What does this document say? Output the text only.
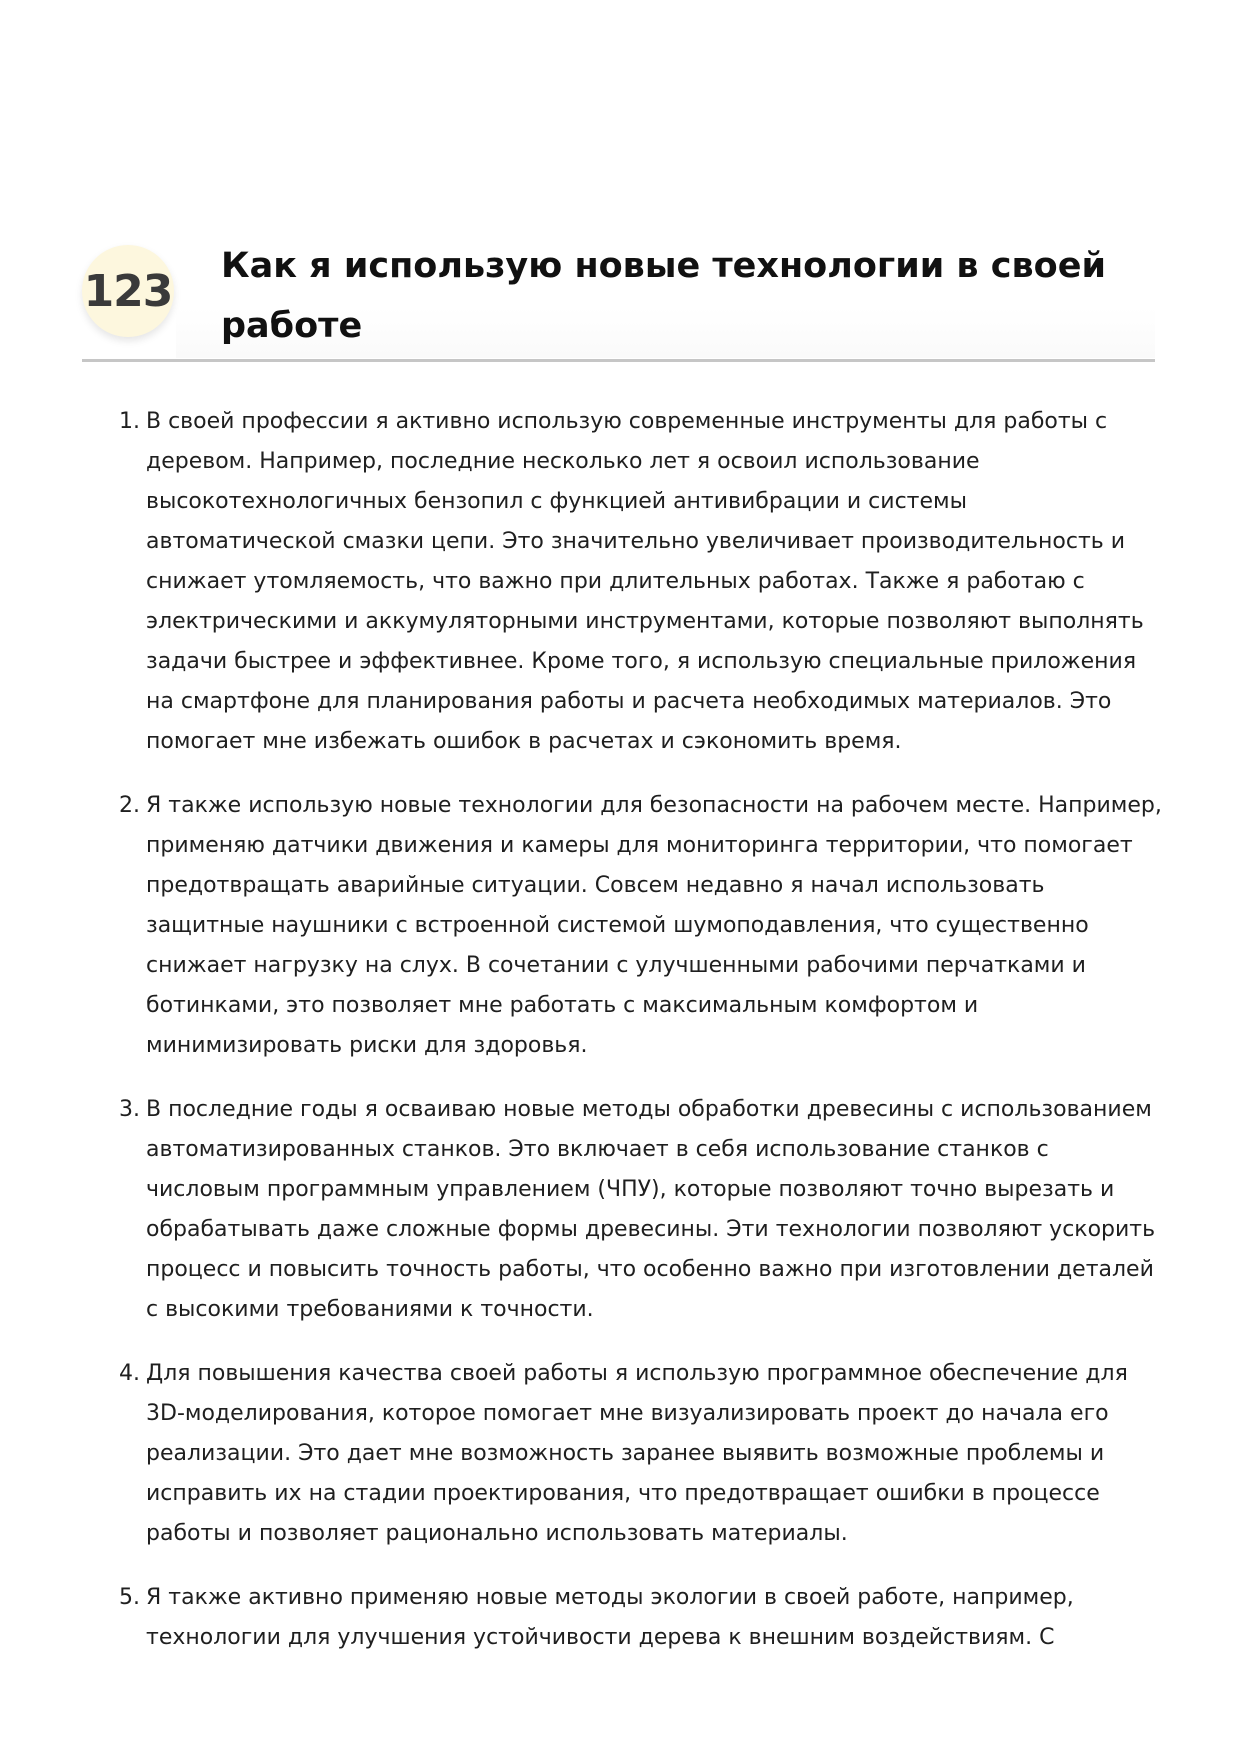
123 Как я использую новые технологии в своей работе
1. В своей профессии я активно использую современные инструменты для работы с деревом. Например, последние несколько лет я освоил использование высокотехнологичных бензопил с функцией антивибрации и системы автоматической смазки цепи. Это значительно увеличивает производительность и снижает утомляемость, что важно при длительных работах. Также я работаю с электрическими и аккумуляторными инструментами, которые позволяют выполнять задачи быстрее и эффективнее. Кроме того, я использую специальные приложения на смартфоне для планирования работы и расчета необходимых материалов. Это помогает мне избежать ошибок в расчетах и сэкономить время.
2. Я также использую новые технологии для безопасности на рабочем месте. Например, применяю датчики движения и камеры для мониторинга территории, что помогает предотвращать аварийные ситуации. Совсем недавно я начал использовать защитные наушники с встроенной системой шумоподавления, что существенно снижает нагрузку на слух. В сочетании с улучшенными рабочими перчатками и ботинками, это позволяет мне работать с максимальным комфортом и минимизировать риски для здоровья.
3. В последние годы я осваиваю новые методы обработки древесины с использованием автоматизированных станков. Это включает в себя использование станков с числовым программным управлением (ЧПУ), которые позволяют точно вырезать и обрабатывать даже сложные формы древесины. Эти технологии позволяют ускорить процесс и повысить точность работы, что особенно важно при изготовлении деталей с высокими требованиями к точности.
4. Для повышения качества своей работы я использую программное обеспечение для 3D-моделирования, которое помогает мне визуализировать проект до начала его реализации. Это дает мне возможность заранее выявить возможные проблемы и исправить их на стадии проектирования, что предотвращает ошибки в процессе работы и позволяет рационально использовать материалы.
5. Я также активно применяю новые методы экологии в своей работе, например, технологии для улучшения устойчивости дерева к внешним воздействиям. С
